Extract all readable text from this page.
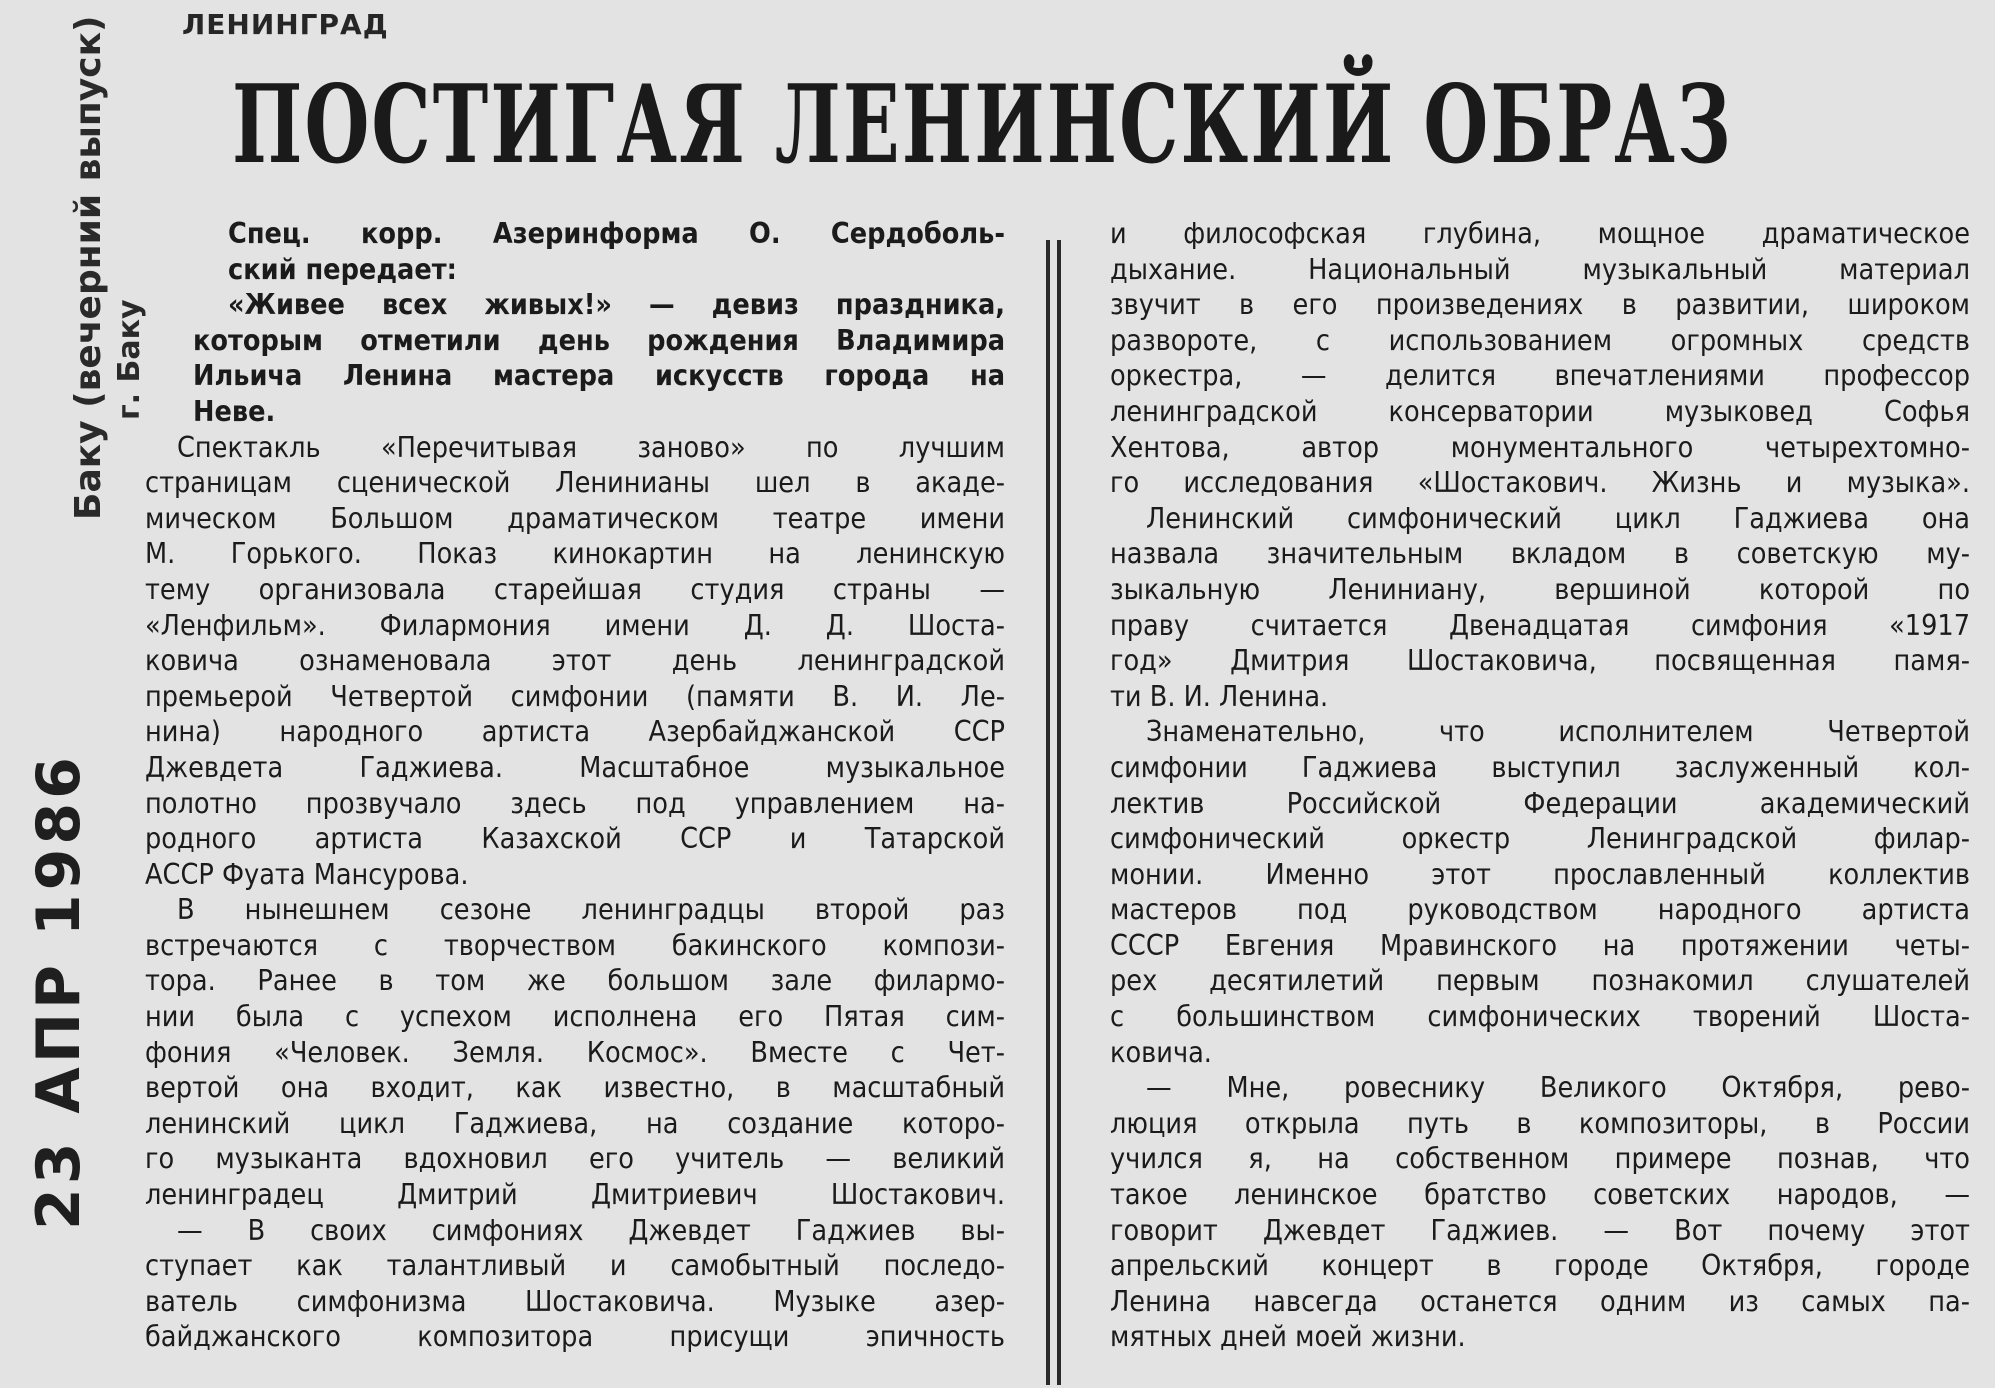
ЛЕНИНГРАД
ПОСТИГАЯ ЛЕНИНСКИЙ ОБРАЗ
Баку (вечерний выпуск) г. Баку
23 АПР 1986
Спец. корр. Азеринформа О. Сердоболь-
ский передает:
«Живее всех живых!» — девиз праздника,
которым отметили день рождения Владимира
Ильича Ленина мастера искусств города на
Неве.
Спектакль «Перечитывая заново» по лучшим
страницам сценической Ленинианы шел в акаде-
мическом Большом драматическом театре имени
М. Горького. Показ кинокартин на ленинскую
тему организовала старейшая студия страны —
«Ленфильм». Филармония имени Д. Д. Шоста-
ковича ознаменовала этот день ленинградской
премьерой Четвертой симфонии (памяти В. И. Ле-
нина) народного артиста Азербайджанской ССР
Джевдета Гаджиева. Масштабное музыкальное
полотно прозвучало здесь под управлением на-
родного артиста Казахской ССР и Татарской
АССР Фуата Мансурова.
В нынешнем сезоне ленинградцы второй раз
встречаются с творчеством бакинского компози-
тора. Ранее в том же большом зале филармо-
нии была с успехом исполнена его Пятая сим-
фония «Человек. Земля. Космос». Вместе с Чет-
вертой она входит, как известно, в масштабный
ленинский цикл Гаджиева, на создание которо-
го музыканта вдохновил его учитель — великий
ленинградец Дмитрий Дмитриевич Шостакович.
— В своих симфониях Джевдет Гаджиев вы-
ступает как талантливый и самобытный последо-
ватель симфонизма Шостаковича. Музыке азер-
байджанского композитора присущи эпичность
и философская глубина, мощное драматическое
дыхание. Национальный музыкальный материал
звучит в его произведениях в развитии, широком
развороте, с использованием огромных средств
оркестра, — делится впечатлениями профессор
ленинградской консерватории музыковед Софья
Хентова, автор монументального четырехтомно-
го исследования «Шостакович. Жизнь и музыка».
Ленинский симфонический цикл Гаджиева она
назвала значительным вкладом в советскую му-
зыкальную Лениниану, вершиной которой по
праву считается Двенадцатая симфония «1917
год» Дмитрия Шостаковича, посвященная памя-
ти В. И. Ленина.
Знаменательно, что исполнителем Четвертой
симфонии Гаджиева выступил заслуженный кол-
лектив Российской Федерации академический
симфонический оркестр Ленинградской филар-
монии. Именно этот прославленный коллектив
мастеров под руководством народного артиста
СССР Евгения Мравинского на протяжении четы-
рех десятилетий первым познакомил слушателей
с большинством симфонических творений Шоста-
ковича.
— Мне, ровеснику Великого Октября, рево-
люция открыла путь в композиторы, в России
учился я, на собственном примере познав, что
такое ленинское братство советских народов, —
говорит Джевдет Гаджиев. — Вот почему этот
апрельский концерт в городе Октября, городе
Ленина навсегда останется одним из самых па-
мятных дней моей жизни.
